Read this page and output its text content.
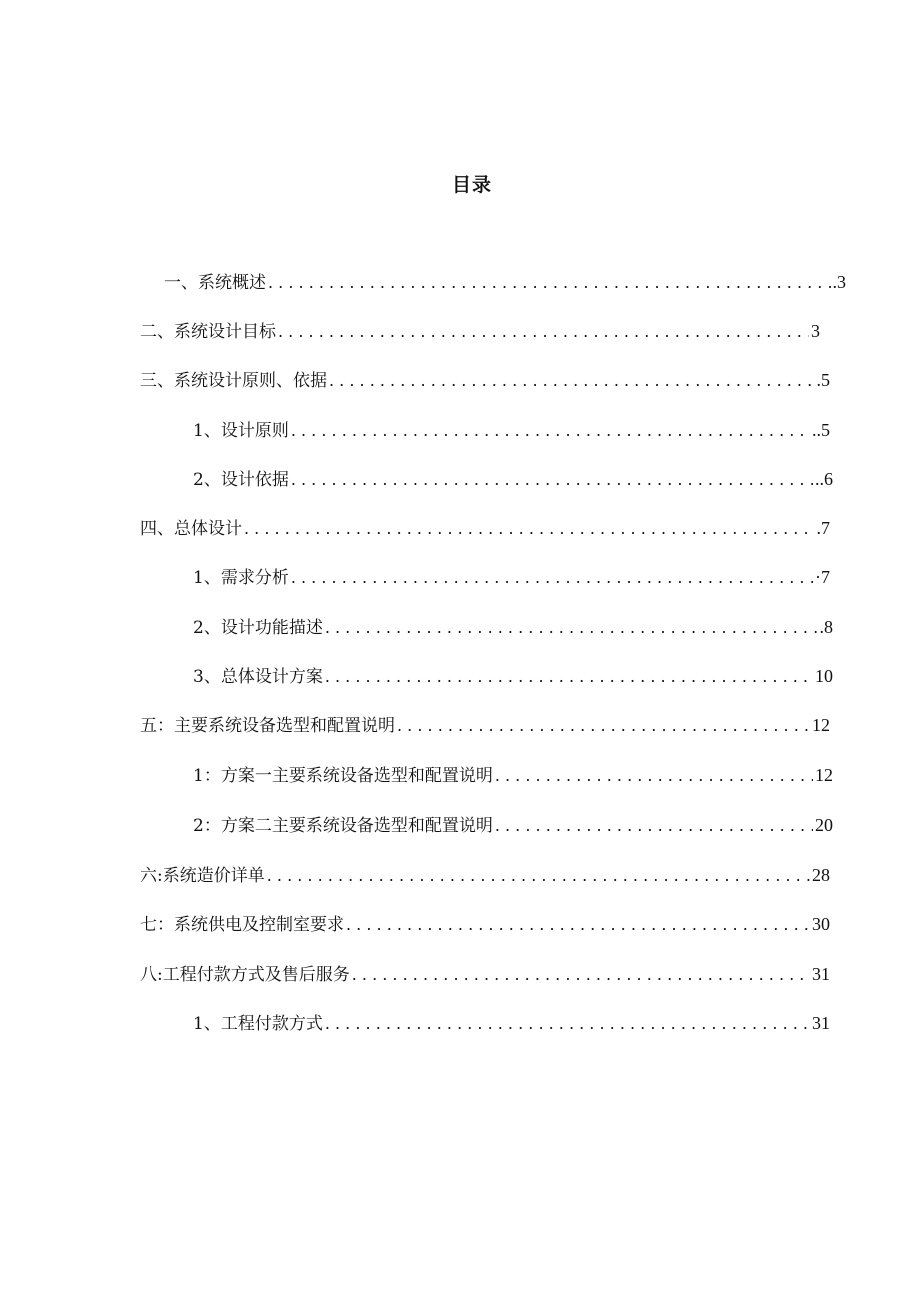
目录
一、系统概述 . . .	.3
二、系统设计目标 . . .	3
三、系统设计原则、依据 . . .	.5
1、设计原则 . . .	..5
2、设计依据 . . .	..6
四、总体设计 . . .	.7
1、需求分析 . . .	·7
2、设计功能描述 . . .	.8
3、总体设计方案 . . .	10
五：主要系统设备选型和配置说明 . . .	12
1：方案一主要系统设备选型和配置说明 . . .	12
2：方案二主要系统设备选型和配置说明 . . .	20
六:系统造价详单 . . .	28
七：系统供电及控制室要求 . . .	30
八:工程付款方式及售后服务 . . .	31
1、工程付款方式 . . .	31
